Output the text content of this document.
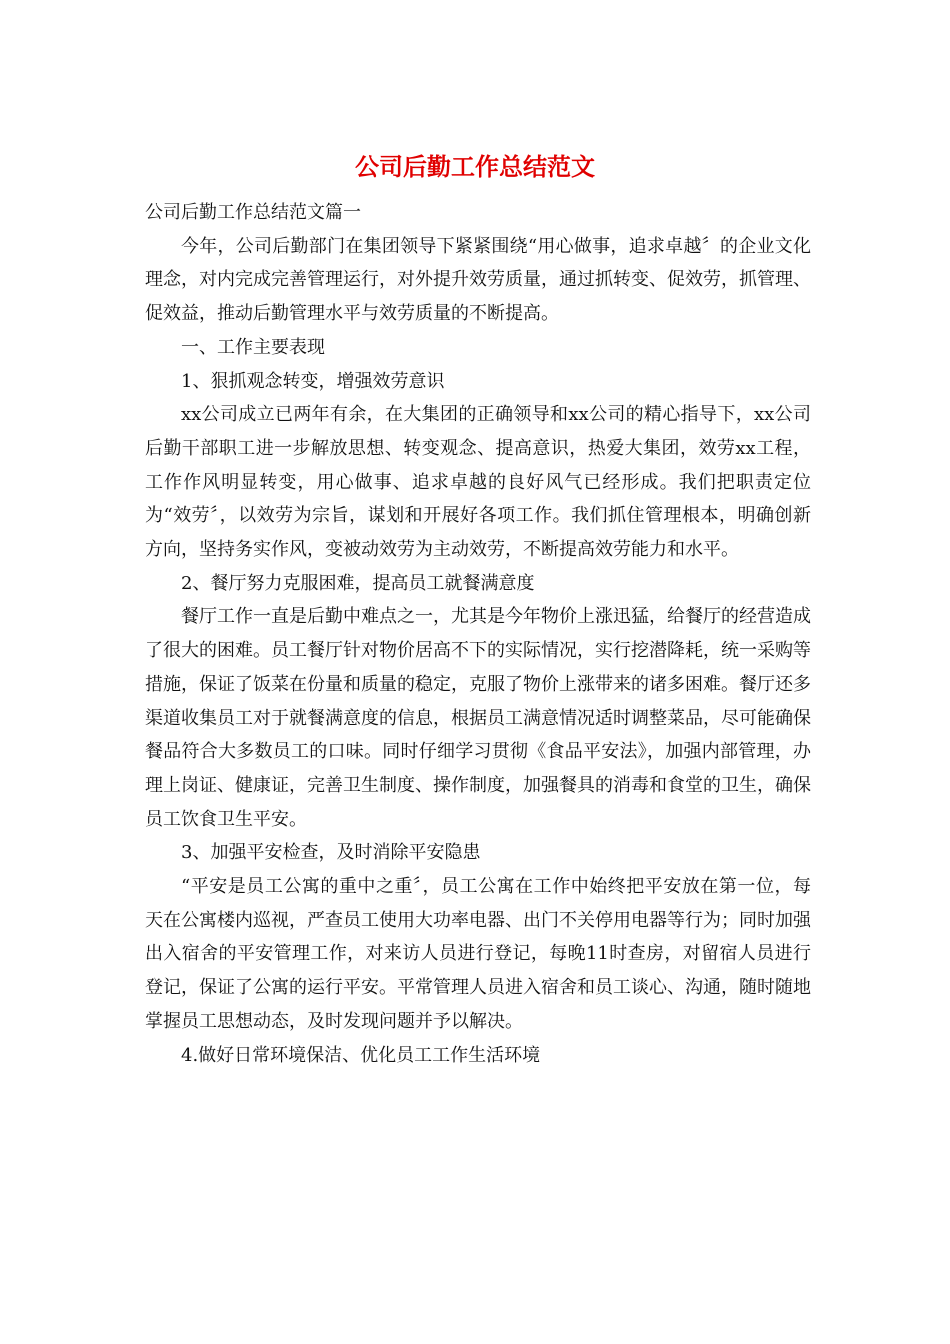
公司后勤工作总结范文

公司后勤工作总结范文篇一

今年，公司后勤部门在集团领导下紧紧围绕“用心做事，追求卓越〞的企业文化理念，对内完成完善管理运行，对外提升效劳质量，通过抓转变、促效劳，抓管理、促效益，推动后勤管理水平与效劳质量的不断提高。

一、工作主要表现

1、狠抓观念转变，增强效劳意识

xx公司成立已两年有余，在大集团的正确领导和xx公司的精心指导下，xx公司后勤干部职工进一步解放思想、转变观念、提高意识，热爱大集团，效劳xx工程，工作作风明显转变，用心做事、追求卓越的良好风气已经形成。我们把职责定位为“效劳〞，以效劳为宗旨，谋划和开展好各项工作。我们抓住管理根本，明确创新方向，坚持务实作风，变被动效劳为主动效劳，不断提高效劳能力和水平。

2、餐厅努力克服困难，提高员工就餐满意度

餐厅工作一直是后勤中难点之一，尤其是今年物价上涨迅猛，给餐厅的经营造成了很大的困难。员工餐厅针对物价居高不下的实际情况，实行挖潜降耗，统一采购等措施，保证了饭菜在份量和质量的稳定，克服了物价上涨带来的诸多困难。餐厅还多渠道收集员工对于就餐满意度的信息，根据员工满意情况适时调整菜品，尽可能确保餐品符合大多数员工的口味。同时仔细学习贯彻《食品平安法》，加强内部管理，办理上岗证、健康证，完善卫生制度、操作制度，加强餐具的消毒和食堂的卫生，确保员工饮食卫生平安。

3、加强平安检查，及时消除平安隐患

“平安是员工公寓的重中之重〞，员工公寓在工作中始终把平安放在第一位，每天在公寓楼内巡视，严查员工使用大功率电器、出门不关停用电器等行为；同时加强出入宿舍的平安管理工作，对来访人员进行登记，每晚11时查房，对留宿人员进行登记，保证了公寓的运行平安。平常管理人员进入宿舍和员工谈心、沟通，随时随地掌握员工思想动态，及时发现问题并予以解决。

4.做好日常环境保洁、优化员工工作生活环境
